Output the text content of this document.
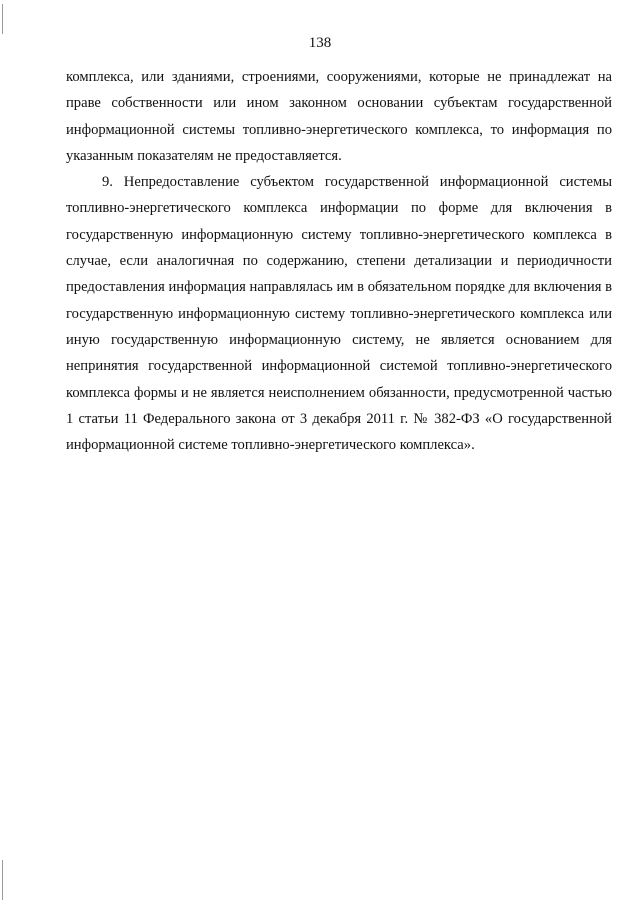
138

комплекса, или зданиями, строениями, сооружениями, которые не принадлежат на праве собственности или ином законном основании субъектам государственной информационной системы топливно-энергетического комплекса, то информация по указанным показателям не предоставляется.

9. Непредоставление субъектом государственной информационной системы топливно-энергетического комплекса информации по форме для включения в государственную информационную систему топливно-энергетического комплекса в случае, если аналогичная по содержанию, степени детализации и периодичности предоставления информация направлялась им в обязательном порядке для включения в государственную информационную систему топливно-энергетического комплекса или иную государственную информационную систему, не является основанием для непринятия государственной информационной системой топливно-энергетического комплекса формы и не является неисполнением обязанности, предусмотренной частью 1 статьи 11 Федерального закона от 3 декабря 2011 г. № 382-ФЗ «О государственной информационной системе топливно-энергетического комплекса».
